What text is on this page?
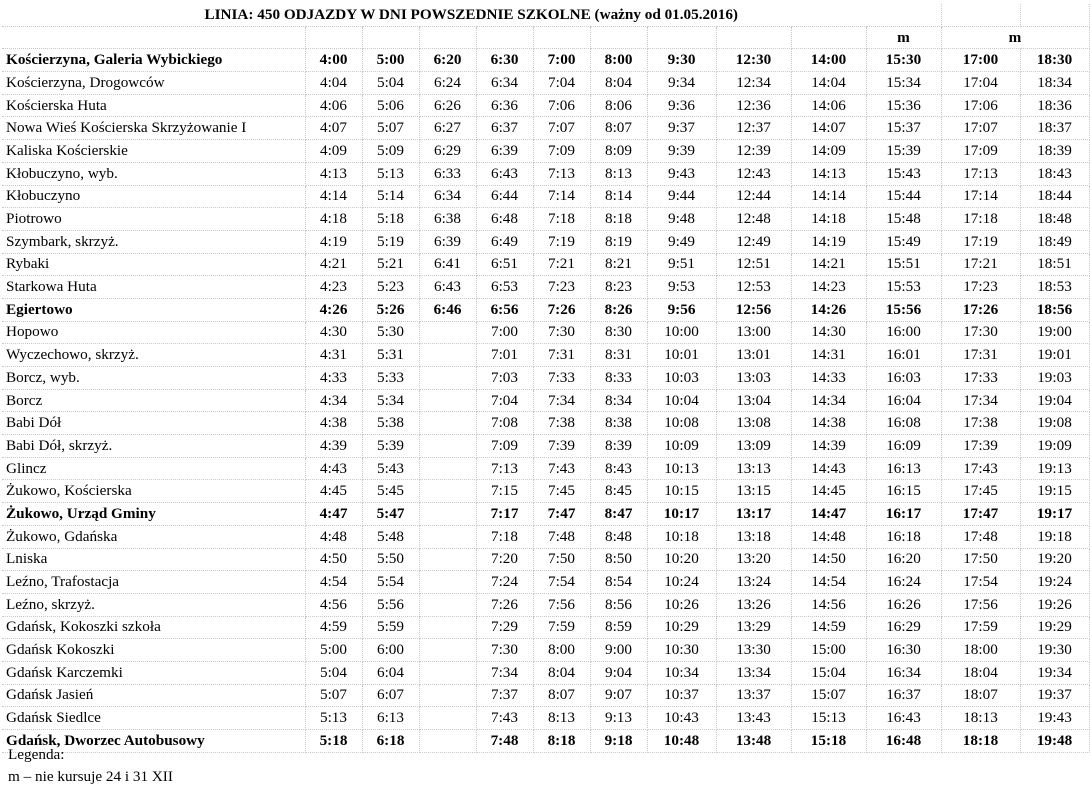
LINIA: 450 ODJAZDY W DNI POWSZEDNIE SZKOLNE (ważny od 01.05.2016)												
										m	m	
Kościerzyna, Galeria Wybickiego	4:00	5:00	6:20	6:30	7:00	8:00	9:30	12:30	14:00	15:30	17:00	18:30
Kościerzyna, Drogowców	4:04	5:04	6:24	6:34	7:04	8:04	9:34	12:34	14:04	15:34	17:04	18:34
Kościerska Huta	4:06	5:06	6:26	6:36	7:06	8:06	9:36	12:36	14:06	15:36	17:06	18:36
Nowa Wieś Kościerska Skrzyżowanie I	4:07	5:07	6:27	6:37	7:07	8:07	9:37	12:37	14:07	15:37	17:07	18:37
Kaliska Kościerskie	4:09	5:09	6:29	6:39	7:09	8:09	9:39	12:39	14:09	15:39	17:09	18:39
Kłobuczyno, wyb.	4:13	5:13	6:33	6:43	7:13	8:13	9:43	12:43	14:13	15:43	17:13	18:43
Kłobuczyno	4:14	5:14	6:34	6:44	7:14	8:14	9:44	12:44	14:14	15:44	17:14	18:44
Piotrowo	4:18	5:18	6:38	6:48	7:18	8:18	9:48	12:48	14:18	15:48	17:18	18:48
Szymbark, skrzyż.	4:19	5:19	6:39	6:49	7:19	8:19	9:49	12:49	14:19	15:49	17:19	18:49
Rybaki	4:21	5:21	6:41	6:51	7:21	8:21	9:51	12:51	14:21	15:51	17:21	18:51
Starkowa Huta	4:23	5:23	6:43	6:53	7:23	8:23	9:53	12:53	14:23	15:53	17:23	18:53
Egiertowo	4:26	5:26	6:46	6:56	7:26	8:26	9:56	12:56	14:26	15:56	17:26	18:56
Hopowo	4:30	5:30		7:00	7:30	8:30	10:00	13:00	14:30	16:00	17:30	19:00
Wyczechowo, skrzyż.	4:31	5:31		7:01	7:31	8:31	10:01	13:01	14:31	16:01	17:31	19:01
Borcz, wyb.	4:33	5:33		7:03	7:33	8:33	10:03	13:03	14:33	16:03	17:33	19:03
Borcz	4:34	5:34		7:04	7:34	8:34	10:04	13:04	14:34	16:04	17:34	19:04
Babi Dół	4:38	5:38		7:08	7:38	8:38	10:08	13:08	14:38	16:08	17:38	19:08
Babi Dół, skrzyż.	4:39	5:39		7:09	7:39	8:39	10:09	13:09	14:39	16:09	17:39	19:09
Glincz	4:43	5:43		7:13	7:43	8:43	10:13	13:13	14:43	16:13	17:43	19:13
Żukowo, Kościerska	4:45	5:45		7:15	7:45	8:45	10:15	13:15	14:45	16:15	17:45	19:15
Żukowo, Urząd Gminy	4:47	5:47		7:17	7:47	8:47	10:17	13:17	14:47	16:17	17:47	19:17
Żukowo, Gdańska	4:48	5:48		7:18	7:48	8:48	10:18	13:18	14:48	16:18	17:48	19:18
Lniska	4:50	5:50		7:20	7:50	8:50	10:20	13:20	14:50	16:20	17:50	19:20
Leźno, Trafostacja	4:54	5:54		7:24	7:54	8:54	10:24	13:24	14:54	16:24	17:54	19:24
Leźno, skrzyż.	4:56	5:56		7:26	7:56	8:56	10:26	13:26	14:56	16:26	17:56	19:26
Gdańsk, Kokoszki szkoła	4:59	5:59		7:29	7:59	8:59	10:29	13:29	14:59	16:29	17:59	19:29
Gdańsk Kokoszki	5:00	6:00		7:30	8:00	9:00	10:30	13:30	15:00	16:30	18:00	19:30
Gdańsk Karczemki	5:04	6:04		7:34	8:04	9:04	10:34	13:34	15:04	16:34	18:04	19:34
Gdańsk Jasień	5:07	6:07		7:37	8:07	9:07	10:37	13:37	15:07	16:37	18:07	19:37
Gdańsk Siedlce	5:13	6:13		7:43	8:13	9:13	10:43	13:43	15:13	16:43	18:13	19:43
Gdańsk, Dworzec Autobusowy	5:18	6:18		7:48	8:18	9:18	10:48	13:48	15:18	16:48	18:18	19:48
Legenda:
m – nie kursuje 24 i 31 XII
